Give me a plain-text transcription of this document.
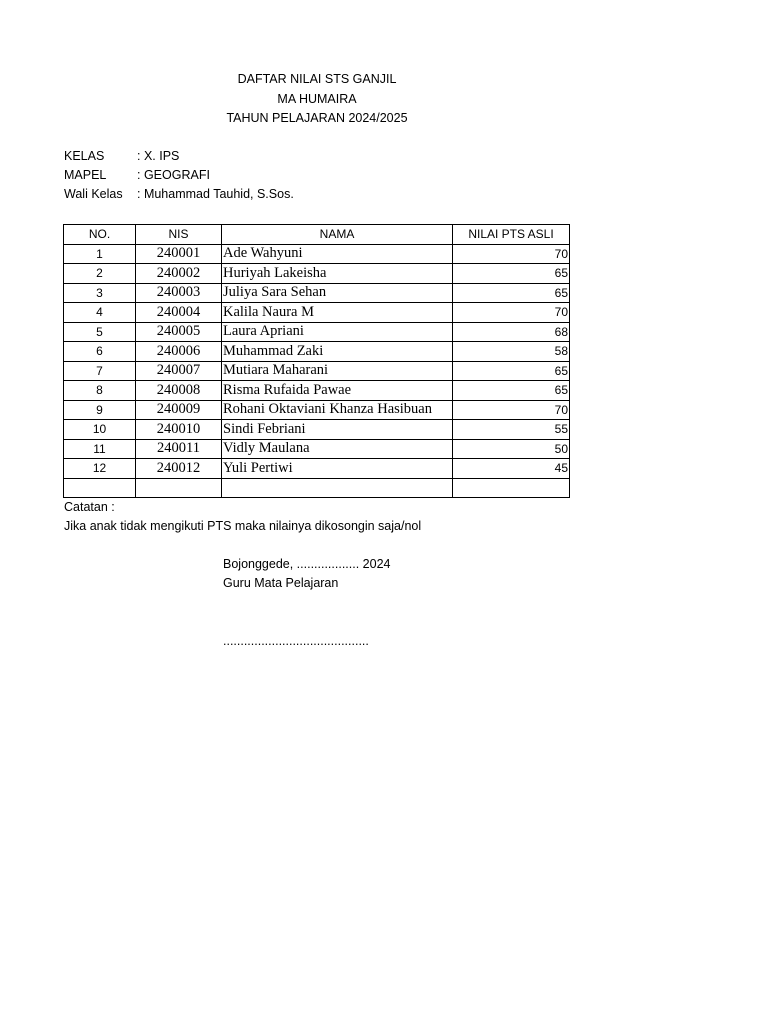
DAFTAR NILAI STS GANJIL
MA HUMAIRA
TAHUN PELAJARAN 2024/2025
KELAS	: X. IPS
MAPEL : GEOGRAFI
Wali Kelas : Muhammad Tauhid, S.Sos.
NO.	NIS	NAMA	NILAI PTS ASLI
1	240001	Ade Wahyuni	70
2	240002	Huriyah Lakeisha	65
3	240003	Juliya Sara Sehan	65
4	240004	Kalila Naura M	70
5	240005	Laura Apriani	68
6	240006	Muhammad Zaki	58
7	240007	Mutiara Maharani	65
8	240008	Risma Rufaida Pawae	65
9	240009	Rohani Oktaviani Khanza Hasibuan	70
10	240010	Sindi Febriani	55
11	240011	Vidly Maulana	50
12	240012	Yuli Pertiwi	45

Catatan :
Jika anak tidak mengikuti PTS maka nilainya dikosongin saja/nol
Bojonggede, .................. 2024
Guru Mata Pelajaran
..........................................
